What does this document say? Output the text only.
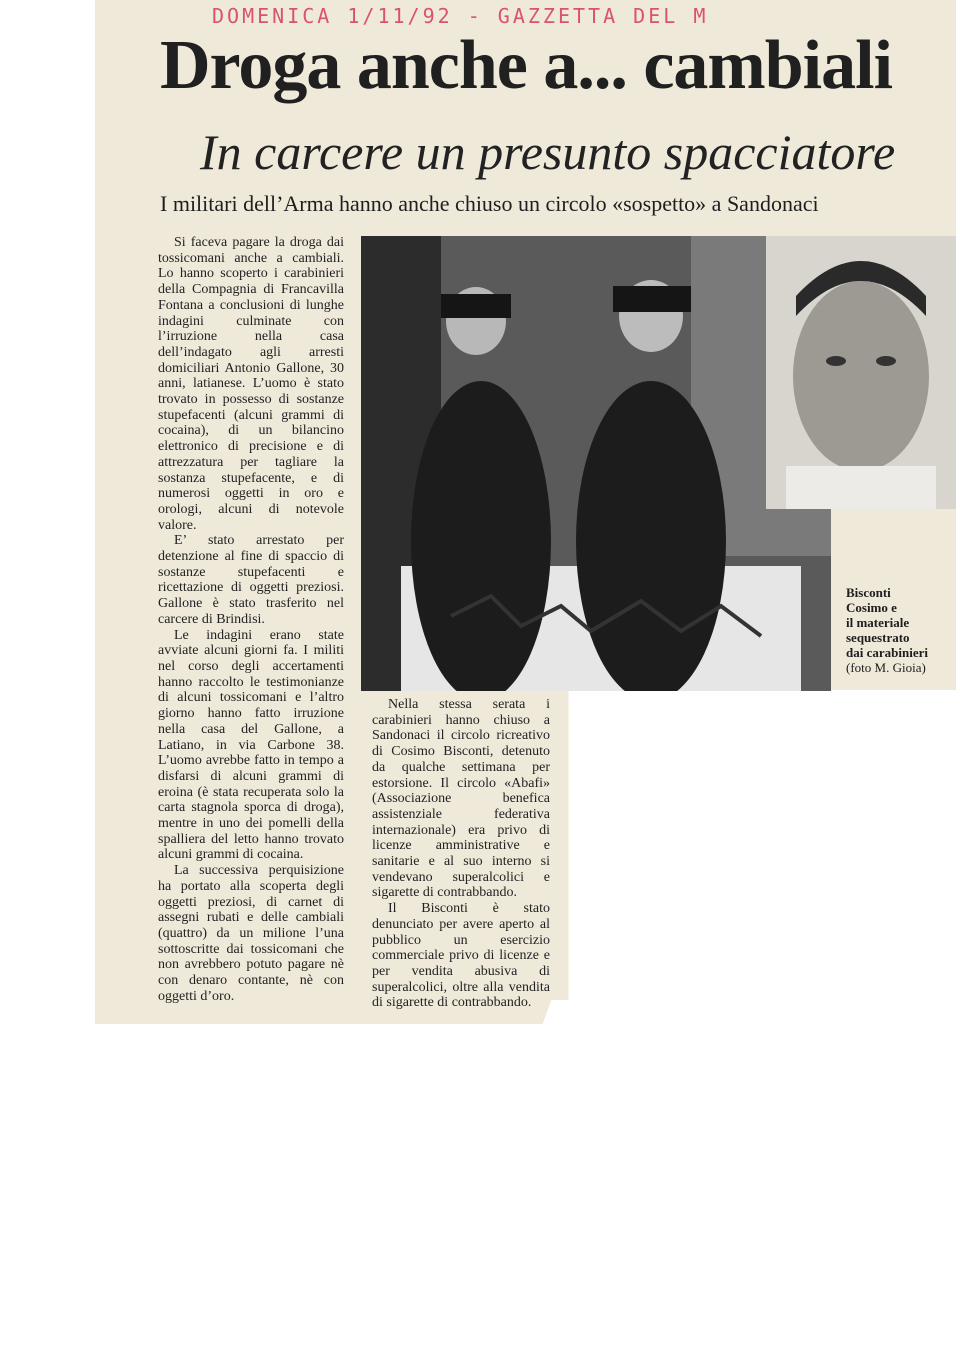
DOMENICA 1/11/92 - GAZZETTA DEL M
Droga anche a... cambiali
In carcere un presunto spacciatore
I militari dell’Arma hanno anche chiuso un circolo «sospetto» a Sandonaci

Si faceva pagare la droga dai tossicomani anche a cambiali. Lo hanno scoperto i carabinieri della Compagnia di Francavilla Fontana a conclusioni di lunghe indagini culminate con l’irruzione nella casa dell’indagato agli arresti domiciliari Antonio Gallone, 30 anni, latianese. L’uomo è stato trovato in possesso di sostanze stupefacenti (alcuni grammi di cocaina), di un bilancino elettronico di precisione e di attrezzatura per tagliare la sostanza stupefacente, e di numerosi oggetti in oro e orologi, alcuni di notevole valore.

E’ stato arrestato per detenzione al fine di spaccio di sostanze stupefacenti e ricettazione di oggetti preziosi. Gallone è stato trasferito nel carcere di Brindisi.

Le indagini erano state avviate alcuni giorni fa. I militi nel corso degli accertamenti hanno raccolto le testimonianze di alcuni tossicomani e l’altro giorno hanno fatto irruzione nella casa del Gallone, a Latiano, in via Carbone 38. L’uomo avrebbe fatto in tempo a disfarsi di alcuni grammi di eroina (è stata recuperata solo la carta stagnola sporca di droga), mentre in uno dei pomelli della spalliera del letto hanno trovato alcuni grammi di cocaina.

La successiva perquisizione ha portato alla scoperta degli oggetti preziosi, di carnet di assegni rubati e delle cambiali (quattro) da un milione l’una sottoscritte dai tossicomani che non avrebbero potuto pagare nè con denaro contante, nè con oggetti d’oro.

Bisconti
Cosimo e
il materiale
sequestrato
dai carabinieri
(foto M. Gioia)

Nella stessa serata i carabinieri hanno chiuso a Sandonaci il circolo ricreativo di Cosimo Bisconti, detenuto da qualche settimana per estorsione. Il circolo «Abafi» (Associazione benefica assistenziale federativa internazionale) era privo di licenze amministrative e sanitarie e al suo interno si vendevano superalcolici e sigarette di contrabbando.

Il Bisconti è stato denunciato per avere aperto al pubblico un esercizio commerciale privo di licenze e per vendita abusiva di superalcolici, oltre alla vendita di sigarette di contrabbando.
